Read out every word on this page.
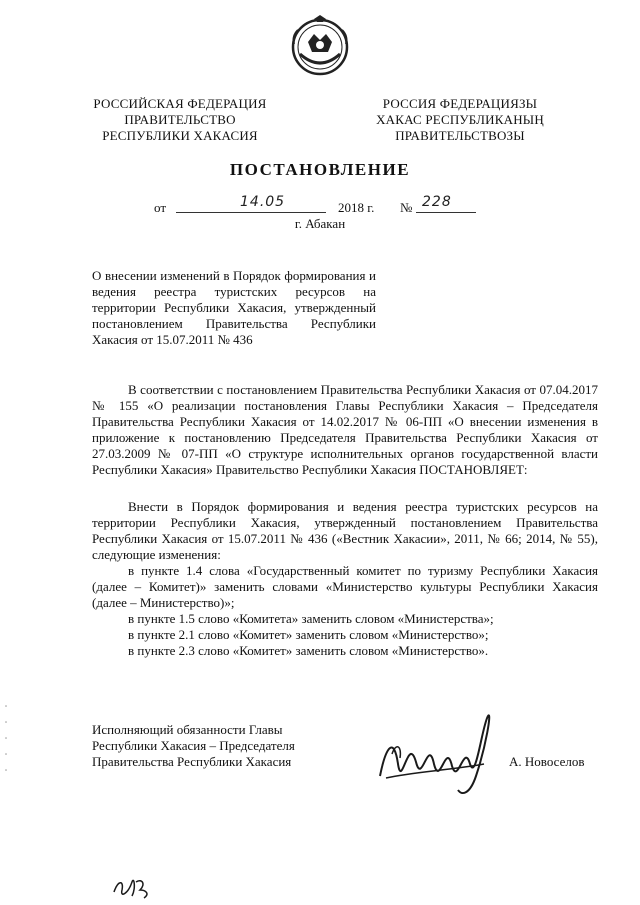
РОССИЙСКАЯ ФЕДЕРАЦИЯ
ПРАВИТЕЛЬСТВО
РЕСПУБЛИКИ ХАКАСИЯ
РОССИЯ ФЕДЕРАЦИЯЗЫ
ХАКАС РЕСПУБЛИКАНЫҢ
ПРАВИТЕЛЬСТВОЗЫ
ПОСТАНОВЛЕНИЕ
от	14.05	2018 г. № 228
г. Абакан
О внесении изменений в Порядок формирования и ведения реестра туристских ресурсов на территории Республики Хакасия, утвержденный постановлением Правительства Республики Хакасия от 15.07.2011 № 436

В соответствии с постановлением Правительства Республики Хакасия от 07.04.2017 № 155 «О реализации постановления Главы Республики Хакасия – Председателя Правительства Республики Хакасия от 14.02.2017 № 06-ПП «О внесении изменения в приложение к постановлению Председателя Правительства Республики Хакасия от 27.03.2009 № 07-ПП «О структуре исполнительных органов государственной власти Республики Хакасия» Правительство Республики Хакасия ПОСТАНОВЛЯЕТ:

Внести в Порядок формирования и ведения реестра туристских ресурсов на территории Республики Хакасия, утвержденный постановлением Правительства Республики Хакасия от 15.07.2011 № 436 («Вестник Хакасии», 2011, № 66; 2014, № 55), следующие изменения:

в пункте 1.4 слова «Государственный комитет по туризму Республики Хакасия (далее – Комитет)» заменить словами «Министерство культуры Республики Хакасия (далее – Министерство)»;

в пункте 1.5 слово «Комитета» заменить словом «Министерства»;

в пункте 2.1 слово «Комитет» заменить словом «Министерство»;

в пункте 2.3 слово «Комитет» заменить словом «Министерство».

Исполняющий обязанности Главы
Республики Хакасия – Председателя
Правительства Республики Хакасия	А. Новоселов
